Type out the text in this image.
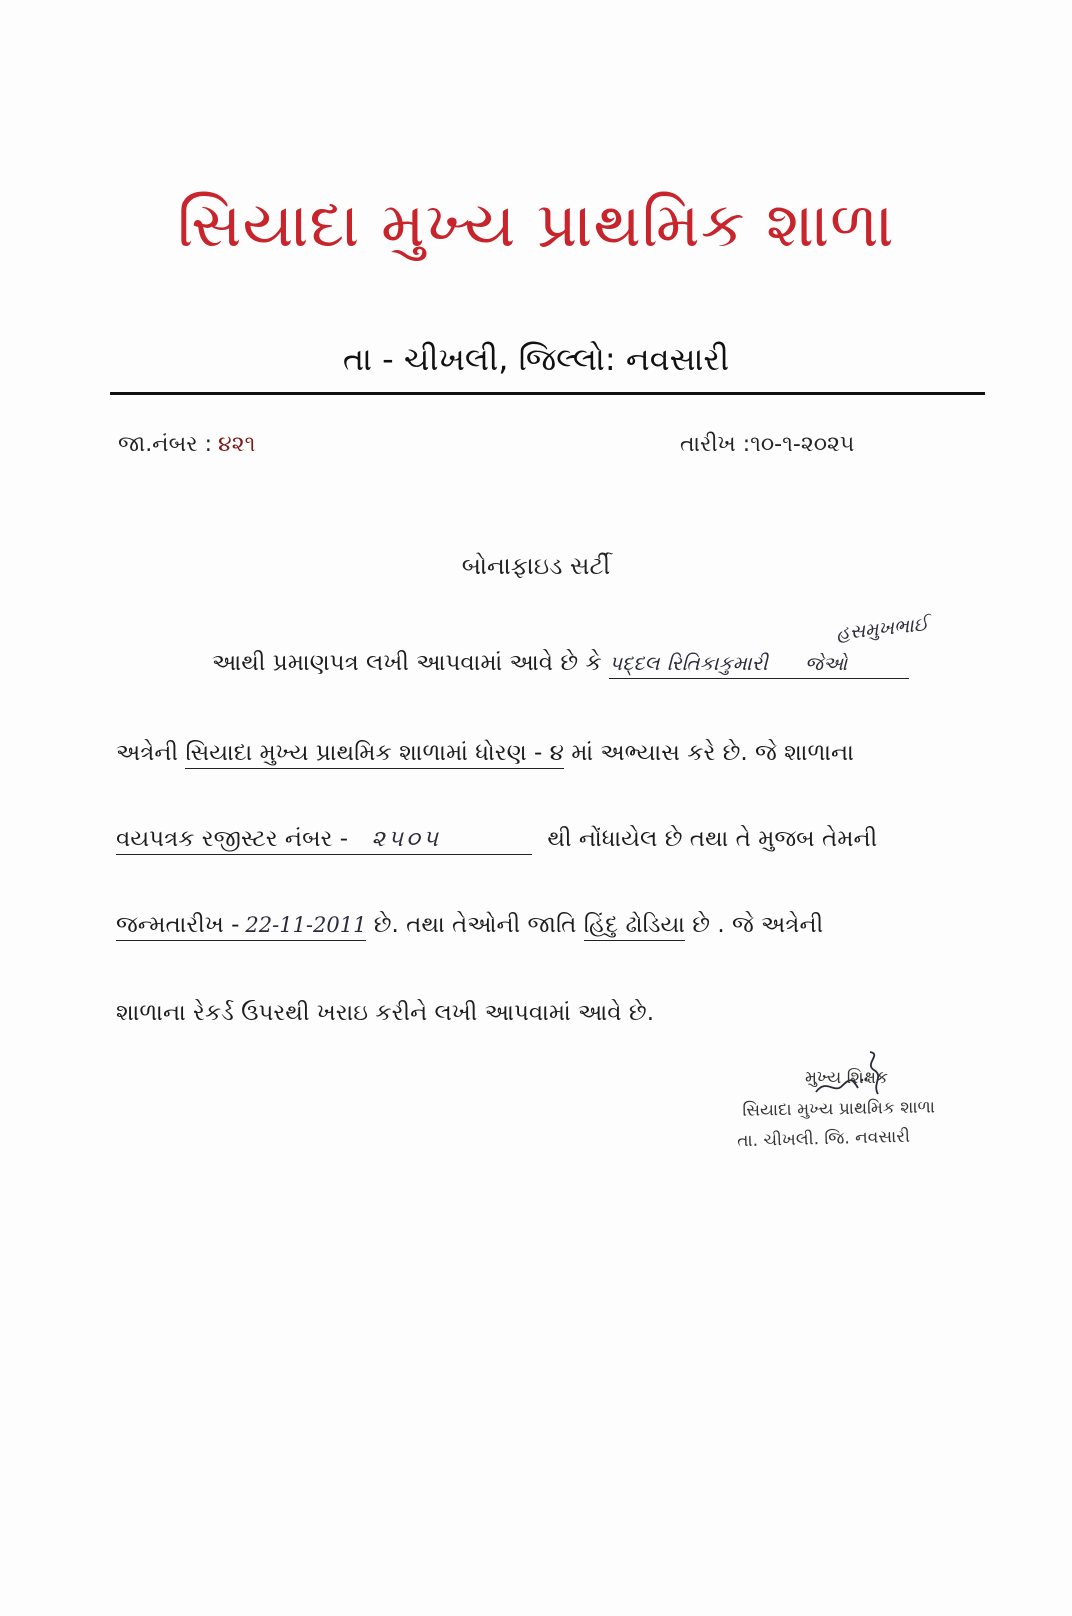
સિયાદા મુખ્ય પ્રાથમિક શાળા
તા - ચીખલી, જિલ્લો: નવસારી
જા.નંબર : ૪૨૧	તારીખ :૧૦-૧-૨૦૨૫
બોનાફાઇડ સર્ટી
હસમુખભાઈ
આથી પ્રમાણપત્ર લખી આપવામાં આવે છે કે પદ્દલ રિતિકાકુમારી જેઓ
અત્રેની સિયાદા મુખ્ય પ્રાથમિક શાળામાં ધોરણ - ૪ માં અભ્યાસ કરે છે. જે શાળાના
વયપત્રક રજીસ્ટર નંબર - ૨૫૦૫	થી નોંધાયેલ છે તથા તે મુજબ તેમની
જન્મતારીખ - 22-11-2011 છે. તથા તેઓની જાતિ હિંદુ ઢોડિયા છે . જે અત્રેની
શાળાના રેકર્ડ ઉપરથી ખરાઇ કરીને લખી આપવામાં આવે છે.
મુખ્ય શિક્ષક
સિયાદા મુખ્ય પ્રાથમિક શાળા
તા. ચીખલી. જિ. નવસારી
